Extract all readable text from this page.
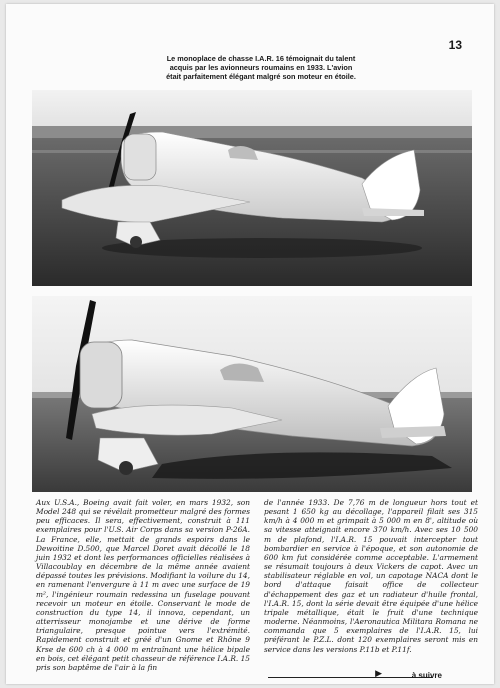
13
Le monoplace de chasse I.A.R. 16 témoignait du talent acquis par les avionneurs roumains en 1933. L'avion était parfaitement élégant malgré son moteur en étoile.

Aux U.S.A., Boeing avait fait voler, en mars 1932, son Model 248 qui se révélait prometteur malgré des formes peu efficaces. Il sera, effectivement, construit à 111 exemplaires pour l'U.S. Air Corps dans sa version P-26A. La France, elle, mettait de grands espoirs dans le Dewoitine D.500, que Marcel Doret avait décollé le 18 juin 1932 et dont les performances officielles réalisées à Villacoublay en décembre de la même année avaient dépassé toutes les prévisions. Modifiant la voilure du 14, en ramenant l'envergure à 11 m avec une surface de 19 m², l'ingénieur roumain redessina un fuselage pouvant recevoir un moteur en étoile. Conservant le mode de construction du type 14, il innova, cependant, un atterrisseur monojambe et une dérive de forme triangulaire, presque pointue vers l'extrémité. Rapidement construit et gréé d'un Gnome et Rhône 9 Krse de 600 ch à 4 000 m entraînant une hélice bipale en bois, cet élégant petit chasseur de référence I.A.R. 15 pris son baptême de l'air à la fin

de l'année 1933. De 7,76 m de longueur hors tout et pesant 1 650 kg au décollage, l'appareil filait ses 315 km/h à 4 000 m et grimpait à 5 000 m en 8', altitude où sa vitesse atteignait encore 370 km/h. Avec ses 10 500 m de plafond, l'I.A.R. 15 pouvait intercepter tout bombardier en service à l'époque, et son autonomie de 600 km fut considérée comme acceptable. L'armement se résumait toujours à deux Vickers de capot. Avec un stabilisateur réglable en vol, un capotage NACA dont le bord d'attaque faisait office de collecteur d'échappement des gaz et un radiateur d'huile frontal, l'I.A.R. 15, dont la série devait être équipée d'une hélice tripale métallique, était le fruit d'une technique moderne. Néanmoins, l'Aeronautica Militara Romana ne commanda que 5 exemplaires de l'I.A.R. 15, lui préférant le P.Z.L. dont 120 exemplaires seront mis en service dans les versions P.11b et P.11f.

▶	à suivre
